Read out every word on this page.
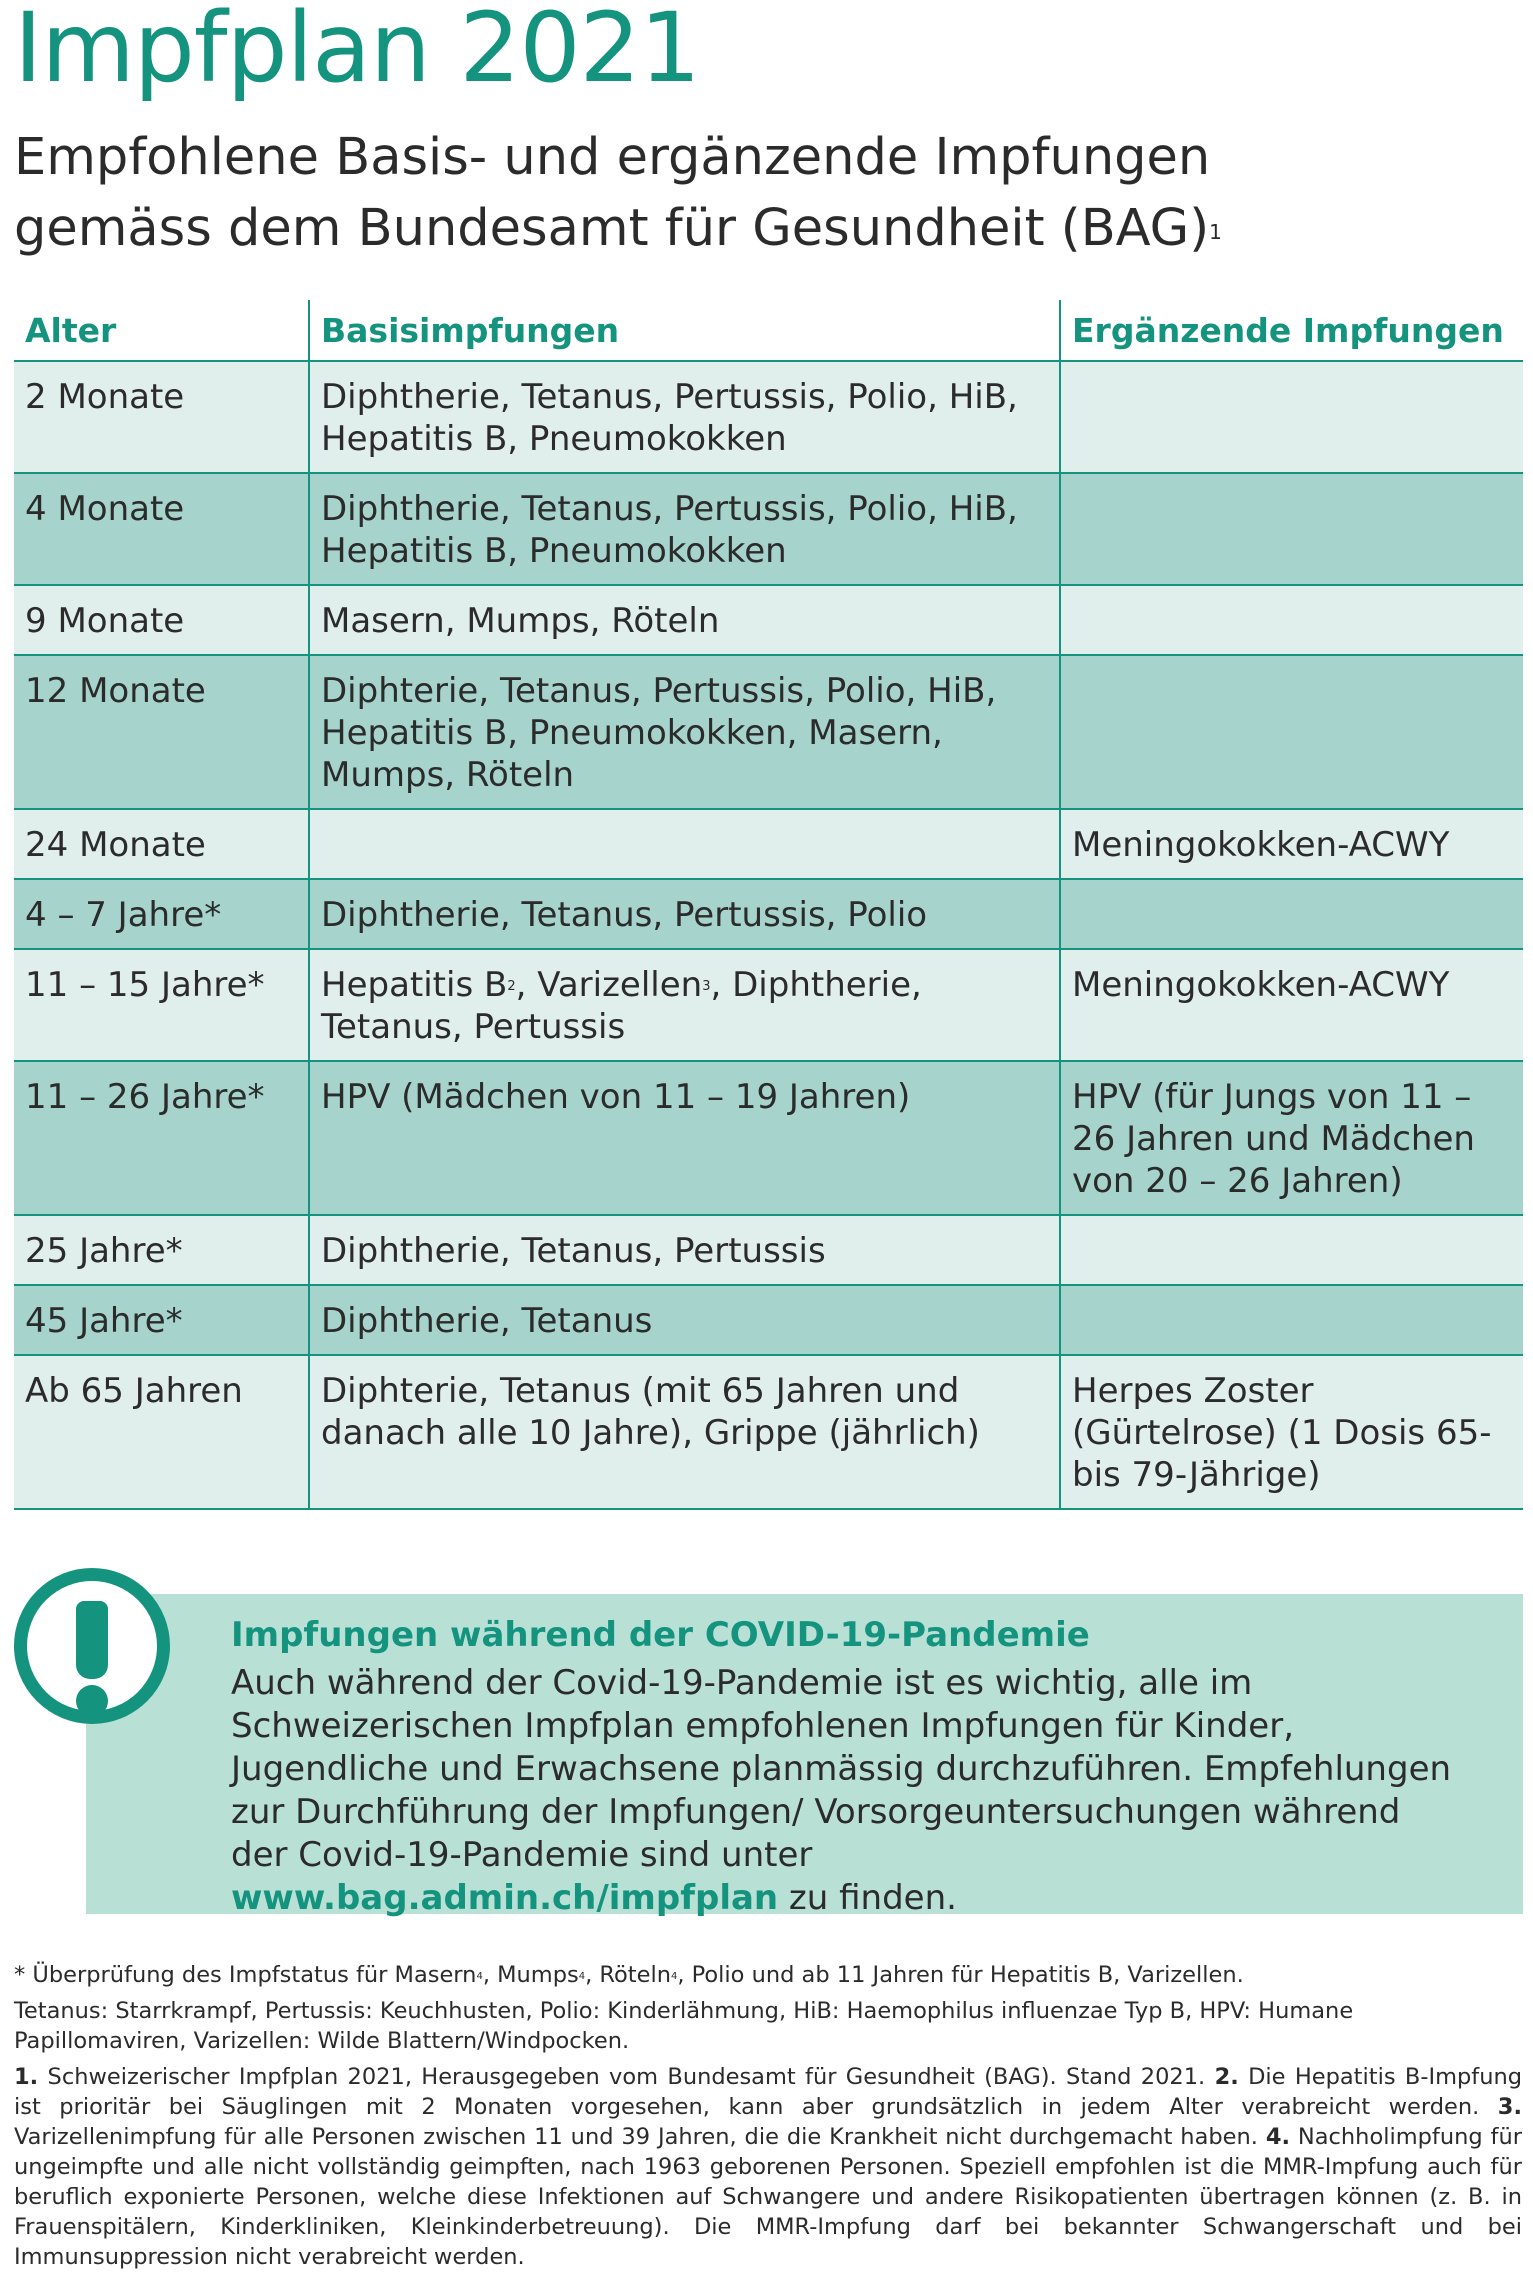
Impfplan 2021
Empfohlene Basis- und ergänzende Impfungen
gemäss dem Bundesamt für Gesundheit (BAG)$^1$
Alter	Basisimpfungen	Ergänzende Impfungen
2 Monate	Diphtherie, Tetanus, Pertussis, Polio, HiB, Hepatitis B, Pneumokokken	
4 Monate	Diphtherie, Tetanus, Pertussis, Polio, HiB, Hepatitis B, Pneumokokken	
9 Monate	Masern, Mumps, Röteln	
12 Monate	Diphterie, Tetanus, Pertussis, Polio, HiB, Hepatitis B, Pneumokokken, Masern, Mumps, Röteln	
24 Monate		Meningokokken-ACWY
4 – 7 Jahre*	Diphtherie, Tetanus, Pertussis, Polio	
11 – 15 Jahre*	Hepatitis $B^2$, Varizellen$^3$, Diphtherie, Tetanus, Pertussis	Meningokokken-ACWY
11 – 26 Jahre*	HPV (Mädchen von 11 – 19 Jahren)	HPV (für Jungs von 11 – 26 Jahren und Mädchen von 20 – 26 Jahren)
25 Jahre*	Diphtherie, Tetanus, Pertussis	
45 Jahre*	Diphtherie, Tetanus	
Ab 65 Jahren	Diphterie, Tetanus (mit 65 Jahren und danach alle 10 Jahre), Grippe (jährlich)	Herpes Zoster (Gürtelrose) (1 Dosis 65- bis 79-Jährige)
Impfungen während der COVID-19-Pandemie

Auch während der Covid-19-Pandemie ist es wichtig, alle im Schweizerischen Impfplan empfohlenen Impfungen für Kinder, Jugendliche und Erwachsene planmässig durchzuführen. Empfehlungen zur Durchführung der Impfungen/ Vorsorgeuntersuchungen während der Covid-19-Pandemie sind unter
www.bag.admin.ch/impfplan zu finden.

* Überprüfung des Impfstatus für Masern$^4$, Mumps$^4$, Röteln$^4$, Polio und ab 11 Jahren für Hepatitis B, Varizellen.

Tetanus: Starrkrampf, Pertussis: Keuchhusten, Polio: Kinderlähmung, HiB: Haemophilus influenzae Typ B, HPV: Humane Papillomaviren, Varizellen: Wilde Blattern/Windpocken.

1. Schweizerischer Impfplan 2021, Herausgegeben vom Bundesamt für Gesundheit (BAG). Stand 2021. 2. Die Hepatitis B-Impfung ist prioritär bei Säuglingen mit 2 Monaten vorgesehen, kann aber grundsätzlich in jedem Alter verabreicht werden. 3. Varizellenimpfung für alle Personen zwischen 11 und 39 Jahren, die die Krankheit nicht durchgemacht haben. 4. Nachholimpfung für ungeimpfte und alle nicht vollständig geimpften, nach 1963 geborenen Personen. Speziell empfohlen ist die MMR-Impfung auch für beruflich exponierte Personen, welche diese Infektionen auf Schwangere und andere Risikopatienten übertragen können (z. B. in Frauenspitälern, Kinderkliniken, Kleinkinderbetreuung). Die MMR-Impfung darf bei bekannter Schwangerschaft und bei Immunsuppression nicht verabreicht werden.
